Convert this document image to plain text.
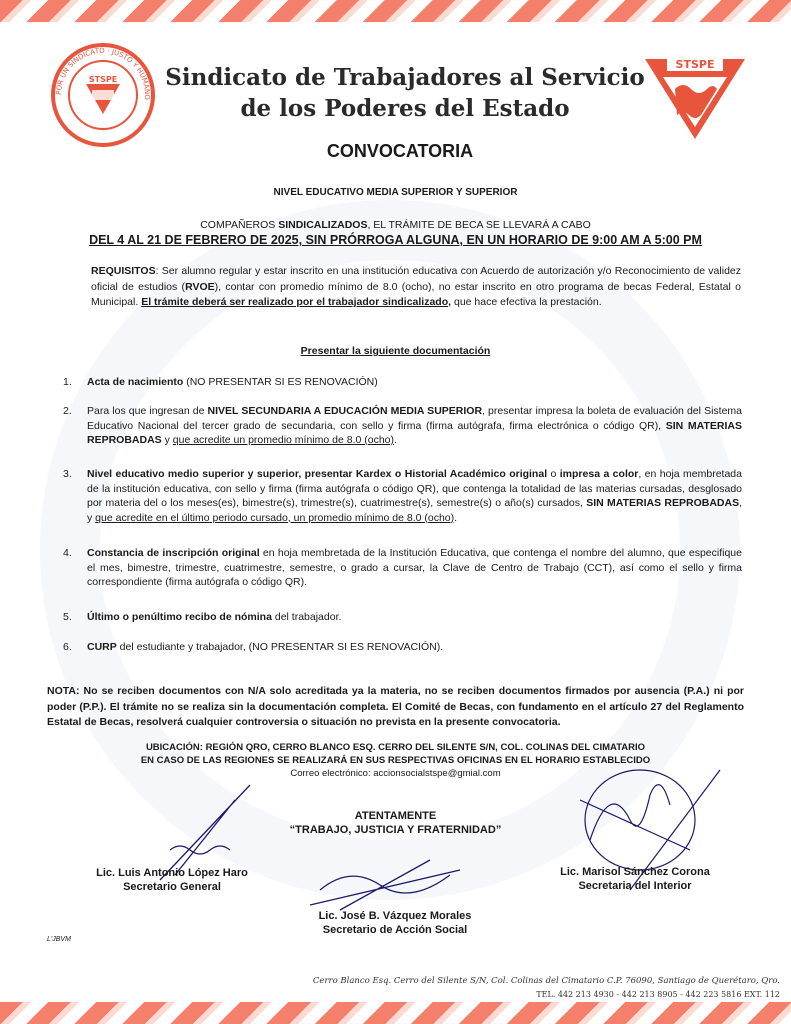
POR UN SINDICATO · JUSTO Y HUMANO
STSPE
STSPE
Sindicato de Trabajadores al Servicio
de los Poderes del Estado
CONVOCATORIA
NIVEL EDUCATIVO MEDIA SUPERIOR Y SUPERIOR
COMPAÑEROS SINDICALIZADOS, EL TRÁMITE DE BECA SE LLEVARÁ A CABO
DEL 4 AL 21 DE FEBRERO DE 2025, SIN PRÓRROGA ALGUNA, EN UN HORARIO DE 9:00 AM A 5:00 PM
REQUISITOS: Ser alumno regular y estar inscrito en una institución educativa con Acuerdo de autorización y/o Reconocimiento de validez oficial de estudios (RVOE), contar con promedio mínimo de 8.0 (ocho), no estar inscrito en otro programa de becas Federal, Estatal o Municipal. El trámite deberá ser realizado por el trabajador sindicalizado, que hace efectiva la prestación.
Presentar la siguiente documentación
1. Acta de nacimiento (NO PRESENTAR SI ES RENOVACIÓN)
2. Para los que ingresan de NIVEL SECUNDARIA A EDUCACIÓN MEDIA SUPERIOR, presentar impresa la boleta de evaluación del Sistema Educativo Nacional del tercer grado de secundaria, con sello y firma (firma autógrafa, firma electrónica o código QR), SIN MATERIAS REPROBADAS y que acredite un promedio mínimo de 8.0 (ocho).
3. Nivel educativo medio superior y superior, presentar Kardex o Historial Académico original o impresa a color, en hoja membretada de la institución educativa, con sello y firma (firma autógrafa o código QR), que contenga la totalidad de las materias cursadas, desglosado por materia del o los meses(es), bimestre(s), trimestre(s), cuatrimestre(s), semestre(s) o año(s) cursados, SIN MATERIAS REPROBADAS, y que acredite en el último periodo cursado, un promedio mínimo de 8.0 (ocho).
4. Constancia de inscripción original en hoja membretada de la Institución Educativa, que contenga el nombre del alumno, que especifique el mes, bimestre, trimestre, cuatrimestre, semestre, o grado a cursar, la Clave de Centro de Trabajo (CCT), así como el sello y firma correspondiente (firma autógrafa o código QR).
5. Último o penúltimo recibo de nómina del trabajador.
6. CURP del estudiante y trabajador, (NO PRESENTAR SI ES RENOVACIÓN).
NOTA: No se reciben documentos con N/A solo acreditada ya la materia, no se reciben documentos firmados por ausencia (P.A.) ni por poder (P.P.). El trámite no se realiza sin la documentación completa. El Comité de Becas, con fundamento en el artículo 27 del Reglamento Estatal de Becas, resolverá cualquier controversia o situación no prevista en la presente convocatoria.
UBICACIÓN: REGIÓN QRO, CERRO BLANCO ESQ. CERRO DEL SILENTE S/N, COL. COLINAS DEL CIMATARIO
EN CASO DE LAS REGIONES SE REALIZARÁ EN SUS RESPECTIVAS OFICINAS EN EL HORARIO ESTABLECIDO
Correo electrónico: accionsocialstspe@gmial.com
ATENTAMENTE
“TRABAJO, JUSTICIA Y FRATERNIDAD”
Lic. Luis Antonio López Haro
Secretario General
Lic. José B. Vázquez Morales
Secretario de Acción Social
Lic. Marisol Sánchez Corona
Secretaria del Interior
L'JBVM
Cerro Blanco Esq. Cerro del Silente S/N, Col. Colinas del Cimatario C.P. 76090, Santiago de Querétaro, Qro.
TEL. 442 213 4930 - 442 213 8905 - 442 223 5816 EXT. 112
